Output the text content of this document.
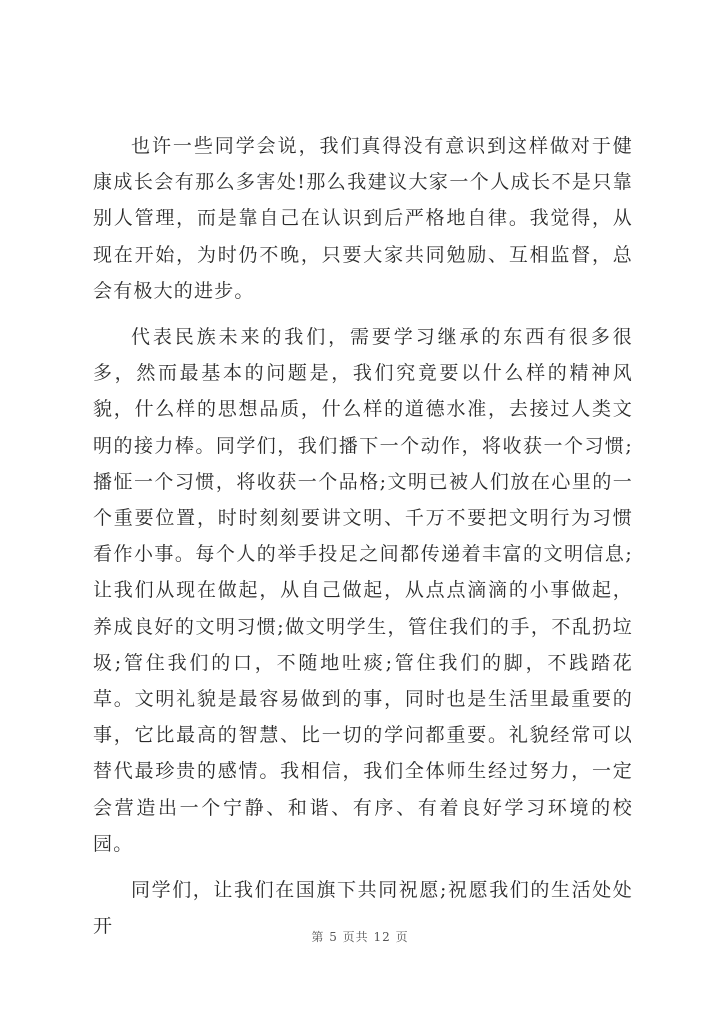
也许一些同学会说，我们真得没有意识到这样做对于健康成长会有那么多害处!那么我建议大家一个人成长不是只靠别人管理，而是靠自己在认识到后严格地自律。我觉得，从现在开始，为时仍不晚，只要大家共同勉励、互相监督，总会有极大的进步。

代表民族未来的我们，需要学习继承的东西有很多很多，然而最基本的问题是，我们究竟要以什么样的精神风貌，什么样的思想品质，什么样的道德水准，去接过人类文明的接力棒。同学们，我们播下一个动作，将收获一个习惯;播怔一个习惯，将收获一个品格;文明已被人们放在心里的一个重要位置，时时刻刻要讲文明、千万不要把文明行为习惯看作小事。每个人的举手投足之间都传递着丰富的文明信息;让我们从现在做起，从自己做起，从点点滴滴的小事做起，养成良好的文明习惯;做文明学生，管住我们的手，不乱扔垃圾;管住我们的口，不随地吐痰;管住我们的脚，不践踏花草。文明礼貌是最容易做到的事，同时也是生活里最重要的事，它比最高的智慧、比一切的学问都重要。礼貌经常可以替代最珍贵的感情。我相信，我们全体师生经过努力，一定会营造出一个宁静、和谐、有序、有着良好学习环境的校园。

同学们，让我们在国旗下共同祝愿;祝愿我们的生活处处开	第 5 页共 12 页
